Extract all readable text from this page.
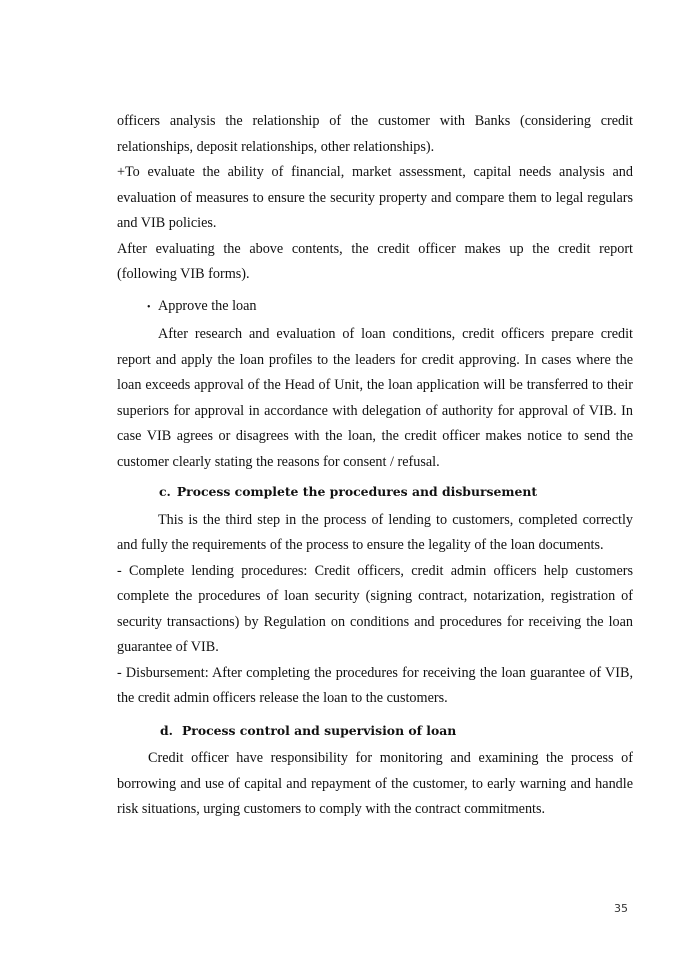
officers analysis the relationship of the customer with Banks (considering credit relationships, deposit relationships, other relationships).

+To evaluate the ability of financial, market assessment, capital needs analysis and evaluation of measures to ensure the security property and compare them to legal regulars and VIB policies.

After evaluating the above contents, the credit officer makes up the credit report (following VIB forms).

• Approve the loan

After research and evaluation of loan conditions, credit officers prepare credit report and apply the loan profiles to the leaders for credit approving. In cases where the loan exceeds approval of the Head of Unit, the loan application will be transferred to their superiors for approval in accordance with delegation of authority for approval of VIB. In case VIB agrees or disagrees with the loan, the credit officer makes notice to send the customer clearly stating the reasons for consent / refusal.

c. Process complete the procedures and disbursement

This is the third step in the process of lending to customers, completed correctly and fully the requirements of the process to ensure the legality of the loan documents.

- Complete lending procedures: Credit officers, credit admin officers help customers complete the procedures of loan security (signing contract, notarization, registration of security transactions) by Regulation on conditions and procedures for receiving the loan guarantee of VIB.

- Disbursement: After completing the procedures for receiving the loan guarantee of VIB, the credit admin officers release the loan to the customers.

d. Process control and supervision of loan

Credit officer have responsibility for monitoring and examining the process of borrowing and use of capital and repayment of the customer, to early warning and handle risk situations, urging customers to comply with the contract commitments.

35
